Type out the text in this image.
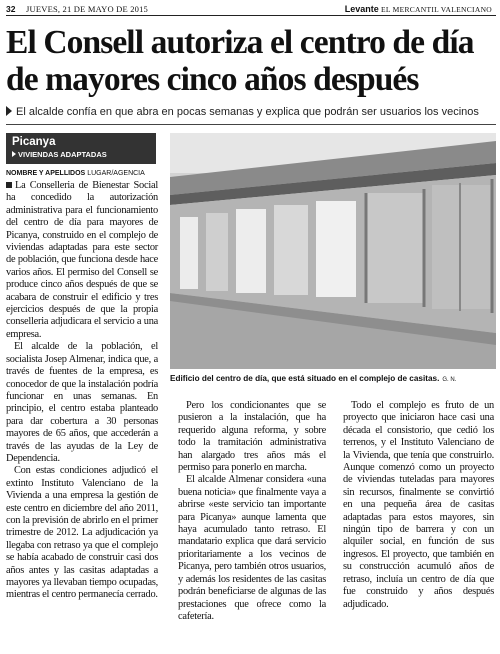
32 JUEVES, 21 DE MAYO DE 2015	Levante EL MERCANTIL VALENCIANO
El Consell autoriza el centro de día de mayores cinco años después
El alcalde confía en que abra en pocas semanas y explica que podrán ser usuarios los vecinos
Picanya
VIVIENDAS ADAPTADAS
NOMBRE Y APELLIDOS LUGAR/AGENCIA

La Conselleria de Bienestar Social ha concedido la autorización administrativa para el funcionamiento del centro de día para mayores de Picanya, construido en el complejo de viviendas adaptadas para este sector de población, que funciona desde hace varios años. El permiso del Consell se produce cinco años después de que se acabara de construir el edificio y tres ejercicios después de que la propia conselleria adjudicara el servicio a una empresa.

El alcalde de la población, el socialista Josep Almenar, indica que, a través de fuentes de la empresa, es conocedor de que la instalación podría funcionar en unas semanas. En principio, el centro estaba planteado para dar cobertura a 30 personas mayores de 65 años, que accederán a través de las ayudas de la Ley de Dependencia.

Con estas condiciones adjudicó el extinto Instituto Valenciano de la Vivienda a una empresa la gestión de este centro en diciembre del año 2011, con la previsión de abrirlo en el primer trimestre de 2012. La adjudicación ya llegaba con retraso ya que el complejo se había acabado de construir casi dos años antes y las casitas adaptadas a mayores ya llevaban tiempo ocupadas, mientras el centro permanecía cerrado.

Edificio del centro de día, que está situado en el complejo de casitas. G. N.

Pero los condicionantes que se pusieron a la instalación, que ha requerido alguna reforma, y sobre todo la tramitación administrativa han alargado tres años más el permiso para ponerlo en marcha.

El alcalde Almenar considera «una buena noticia» que finalmente vaya a abrirse «este servicio tan importante para Picanya» aunque lamenta que haya acumulado tanto retraso. El mandatario explica que dará servicio prioritariamente a los vecinos de Picanya, pero también otros usuarios, y además los residentes de las casitas podrán beneficiarse de algunas de las prestaciones que ofrece como la cafetería.

Todo el complejo es fruto de un proyecto que iniciaron hace casi una década el consistorio, que cedió los terrenos, y el Instituto Valenciano de la Vivienda, que tenía que construirlo. Aunque comenzó como un proyecto de viviendas tuteladas para mayores sin recursos, finalmente se convirtió en una pequeña área de casitas adaptadas para estos mayores, sin ningún tipo de barrera y con un alquiler social, en función de sus ingresos. El proyecto, que también en su construcción acumuló años de retraso, incluía un centro de día que fue construido y años después adjudicado.
